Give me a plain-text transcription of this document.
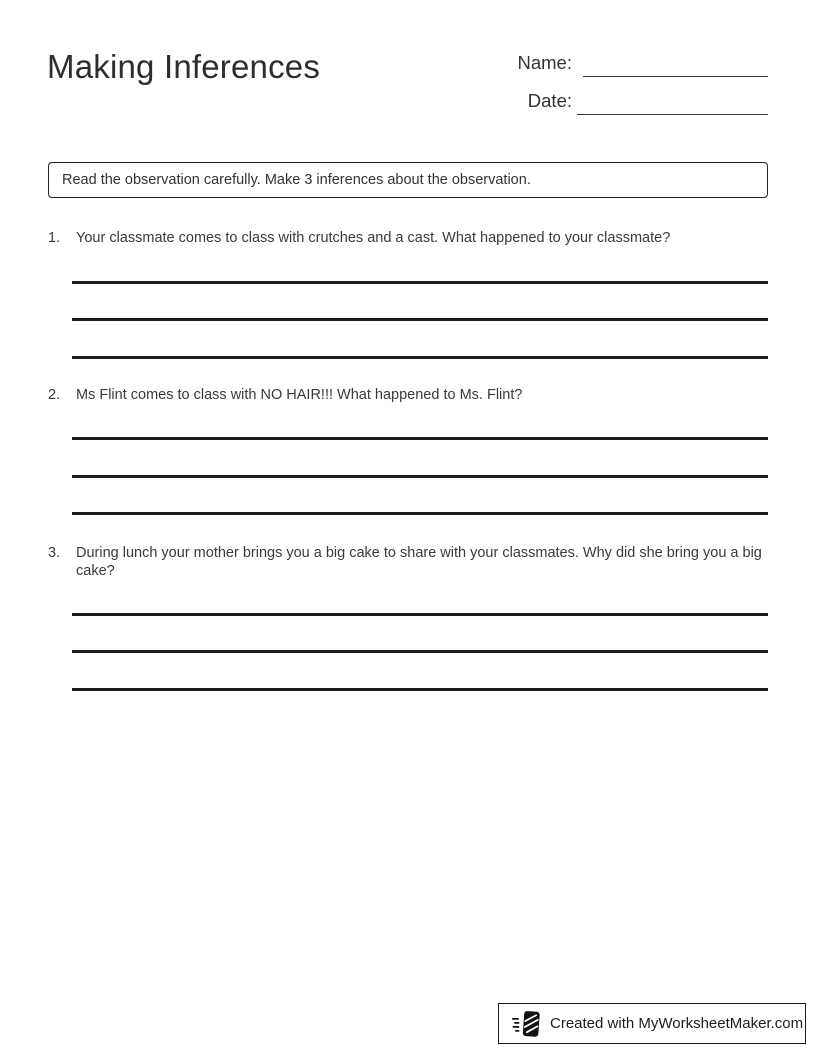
Making Inferences	Name:
Date:
Read the observation carefully. Make 3 inferences about the observation.
1.	Your classmate comes to class with crutches and a cast. What happened to your classmate?
2.	Ms Flint comes to class with NO HAIR!!! What happened to Ms. Flint?
3.	During lunch your mother brings you a big cake to share with your classmates. Why did she bring you a big cake?
Created with MyWorksheetMaker.com
